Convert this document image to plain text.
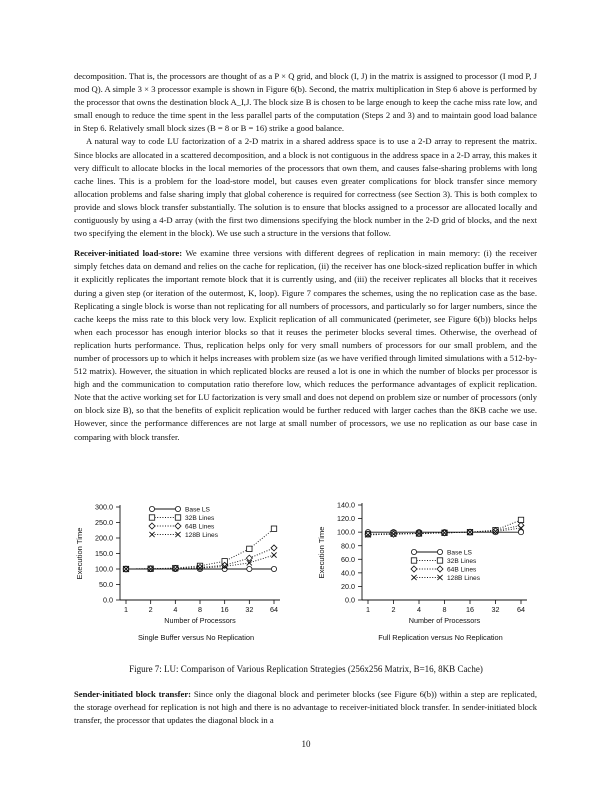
decomposition. That is, the processors are thought of as a P × Q grid, and block (I, J) in the matrix is assigned to processor (I mod P, J mod Q). A simple 3 × 3 processor example is shown in Figure 6(b). Second, the matrix multiplication in Step 6 above is performed by the processor that owns the destination block A_I,J. The block size B is chosen to be large enough to keep the cache miss rate low, and small enough to reduce the time spent in the less parallel parts of the computation (Steps 2 and 3) and to maintain good load balance in Step 6. Relatively small block sizes (B = 8 or B = 16) strike a good balance.

A natural way to code LU factorization of a 2-D matrix in a shared address space is to use a 2-D array to represent the matrix. Since blocks are allocated in a scattered decomposition, and a block is not contiguous in the address space in a 2-D array, this makes it very difficult to allocate blocks in the local memories of the processors that own them, and causes false-sharing problems with long cache lines. This is a problem for the load-store model, but causes even greater complications for block transfer since memory allocation problems and false sharing imply that global coherence is required for correctness (see Section 3). This is both complex to provide and slows block transfer substantially. The solution is to ensure that blocks assigned to a processor are allocated locally and contiguously by using a 4-D array (with the first two dimensions specifying the block number in the 2-D grid of blocks, and the next two specifying the element in the block). We use such a structure in the versions that follow.

Receiver-initiated load-store: We examine three versions with different degrees of replication in main memory: (i) the receiver simply fetches data on demand and relies on the cache for replication, (ii) the receiver has one block-sized replication buffer in which it explicitly replicates the important remote block that it is currently using, and (iii) the receiver replicates all blocks that it receives during a given step (or iteration of the outermost, K, loop). Figure 7 compares the schemes, using the no replication case as the base. Replicating a single block is worse than not replicating for all numbers of processors, and particularly so for larger numbers, since the cache keeps the miss rate to this block very low. Explicit replication of all communicated (perimeter, see Figure 6(b)) blocks helps when each processor has enough interior blocks so that it reuses the perimeter blocks several times. Otherwise, the overhead of replication hurts performance. Thus, replication helps only for very small numbers of processors for our small problem, and the number of processors up to which it helps increases with problem size (as we have verified through limited simulations with a 512-by-512 matrix). However, the situation in which replicated blocks are reused a lot is one in which the number of blocks per processor is high and the communication to computation ratio therefore low, which reduces the performance advantages of explicit replication. Note that the active working set for LU factorization is very small and does not depend on problem size or number of processors (only on block size B), so that the benefits of explicit replication would be further reduced with larger caches than the 8KB cache we use. However, since the performance differences are not large at small number of processors, we use no replication as our base case in comparing with block transfer.

0.0
50.0
100.0
150.0
200.0
250.0
300.0
1	2	4	8	16 32 64
Execution Time
Number of Processors
Single Buffer versus No Replication
Base LS
32B Lines
64B Lines
128B Lines
0.0
20.0
40.0
60.0
80.0
100.0
120.0
140.0
1	2	4	8	16 32 64
Execution Time
Number of Processors
Full Replication versus No Replication
Base LS
32B Lines
64B Lines
128B Lines
Figure 7: LU: Comparison of Various Replication Strategies (256x256 Matrix, B=16, 8KB Cache)

Sender-initiated block transfer: Since only the diagonal block and perimeter blocks (see Figure 6(b)) within a step are replicated, the storage overhead for replication is not high and there is no advantage to receiver-initiated block transfer. In sender-initiated block transfer, the processor that updates the diagonal block in a

10
